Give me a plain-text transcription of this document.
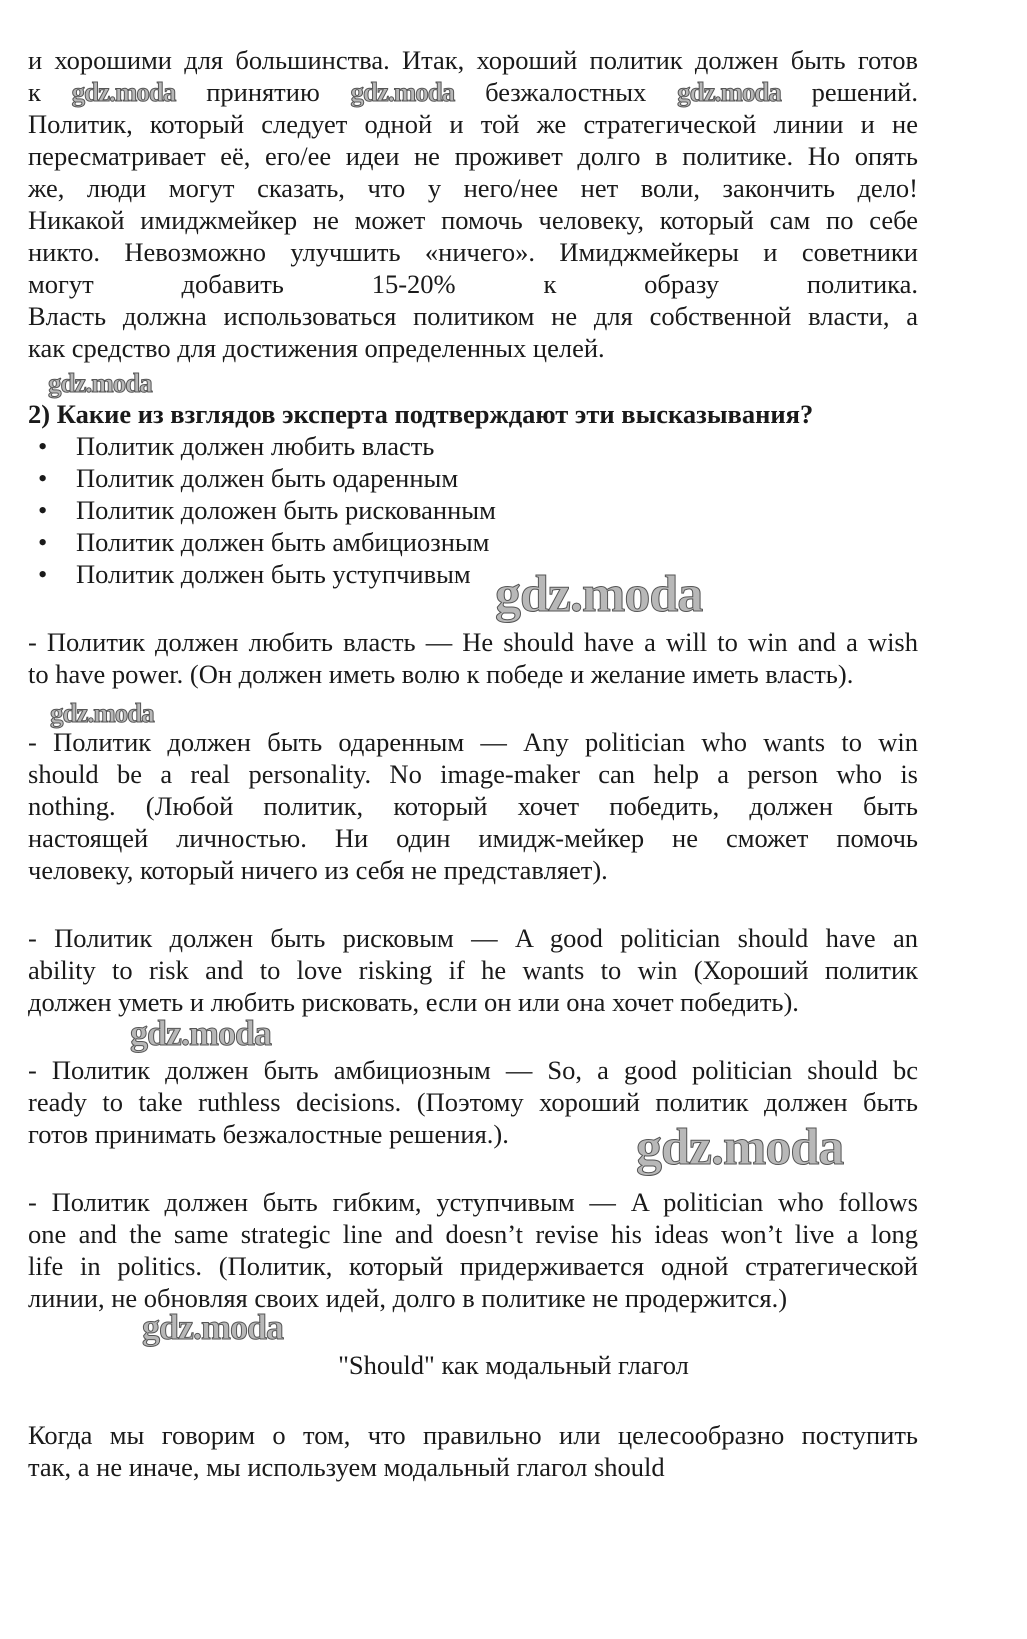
и хорошими для большинства. Итак, хороший политик должен быть готов
к gdz.moda принятию gdz.moda безжалостных gdz.moda решений.
Политик, который следует одной и той же стратегической линии и не
пересматривает её, его/ее идеи не проживет долго в политике. Но опять
же, люди могут сказать, что у него/нее нет воли, закончить дело!
Никакой имиджмейкер не может помочь человеку, который сам по себе
никто. Невозможно улучшить «ничего». Имиджмейкеры и советники
могут добавить 15-20% к образу политика.
Власть должна использоваться политиком не для собственной власти, а
как средство для достижения определенных целей.
gdz.moda
2) Какие из взглядов эксперта подтверждают эти высказывания?
• Политик должен любить власть
• Политик должен быть одаренным
• Политик доложен быть рискованным
• Политик должен быть амбициозным
• Политик должен быть уступчивым gdz.moda
- Политик должен любить власть — He should have a will to win and a wish
to have power. (Он должен иметь волю к победе и желание иметь власть).
gdz.moda
- Политик должен быть одаренным — Any politician who wants to win
should be a real personality. No image-maker can help a person who is
nothing. (Любой политик, который хочет победить, должен быть
настоящей личностью. Ни один имидж-мейкер не сможет помочь
человеку, который ничего из себя не представляет).
- Политик должен быть рисковым — A good politician should have an
ability to risk and to love risking if he wants to win (Хороший политик
должен уметь и любить рисковать, если он или она хочет победить).
gdz.moda
- Политик должен быть амбициозным — So, a good politician should bc
ready to take ruthless decisions. (Поэтому хороший политик должен быть
готов принимать безжалостные решения.).	gdz.moda
- Политик должен быть гибким, уступчивым — A politician who follows
one and the same strategic line and doesn’t revise his ideas won’t live a long
life in politics. (Политик, который придерживается одной стратегической
линии, не обновляя своих идей, долго в политике не продержится.)
gdz.moda
"Should" как модальный глагол
Когда мы говорим о том, что правильно или целесообразно поступить
так, а не иначе, мы используем модальный глагол should
